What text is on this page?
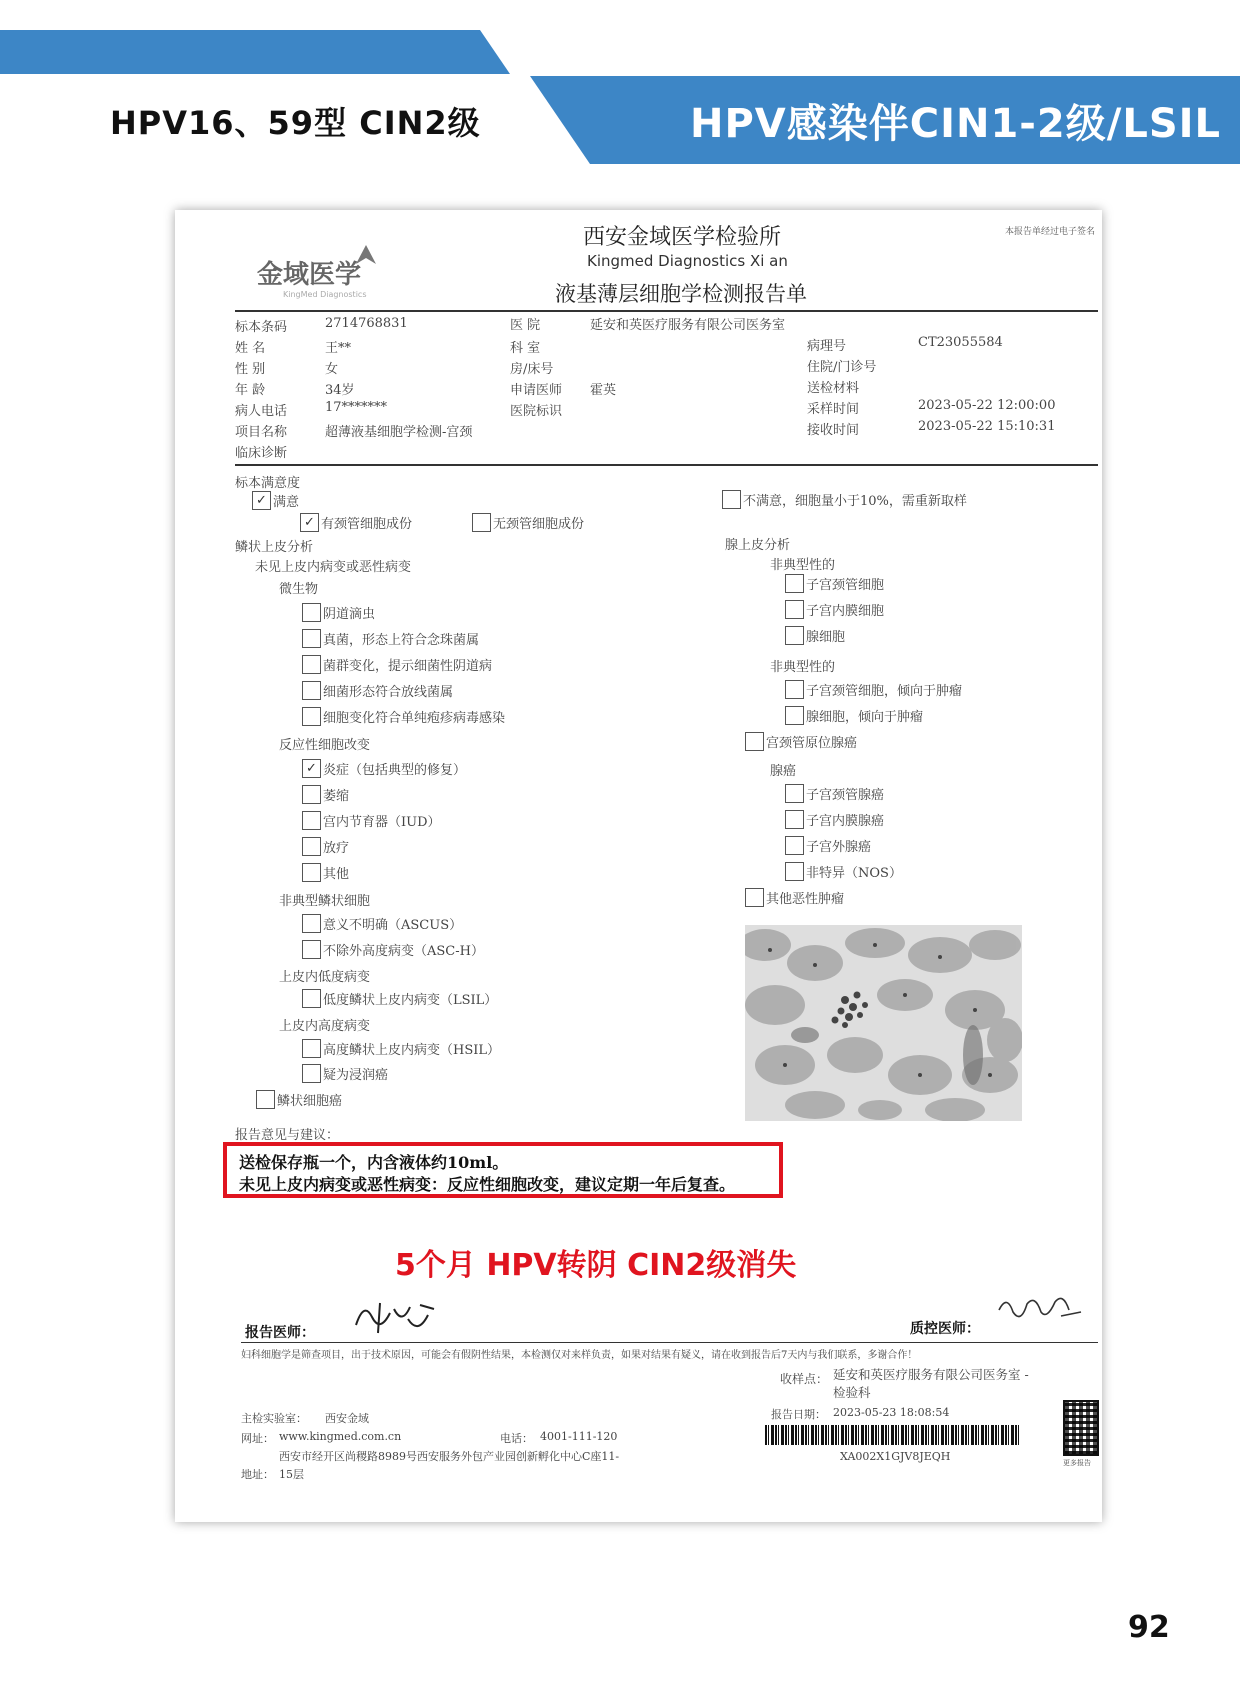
HPV16、59型 CIN2级	HPV感染伴CIN1-2级/LSIL
金域医学
KingMed Diagnostics
西安金域医学检验所
Kingmed Diagnostics Xi an
液基薄层细胞学检测报告单
本报告单经过电子签名
标本条码	2714768831
姓 名	王**
性 别	女
年 龄	34岁
病人电话	17*******
项目名称	超薄液基细胞学检测-宫颈
临床诊断
医 院	延安和英医疗服务有限公司医务室
科 室
房/床号
申请医师 霍英
医院标识
病理号	CT23055584
住院/门诊号
送检材料
采样时间	2023-05-22 12:00:00
接收时间	2023-05-22 15:10:31
标本满意度
✓ 满意
✓ 有颈管细胞成份	无颈管细胞成份
不满意，细胞量小于10%，需重新取样
鳞状上皮分析
未见上皮内病变或恶性病变
微生物
阴道滴虫
真菌，形态上符合念珠菌属
菌群变化，提示细菌性阴道病
细菌形态符合放线菌属
细胞变化符合单纯疱疹病毒感染
反应性细胞改变
✓ 炎症（包括典型的修复）
萎缩
宫内节育器（IUD）
放疗
其他
非典型鳞状细胞
意义不明确（ASCUS）
不除外高度病变（ASC-H）
上皮内低度病变
低度鳞状上皮内病变（LSIL）
上皮内高度病变
高度鳞状上皮内病变（HSIL）
疑为浸润癌
鳞状细胞癌
腺上皮分析
非典型性的
子宫颈管细胞
子宫内膜细胞
腺细胞
非典型性的
子宫颈管细胞，倾向于肿瘤
腺细胞，倾向于肿瘤
宫颈管原位腺癌
腺癌
子宫颈管腺癌
子宫内膜腺癌
子宫外腺癌
非特异（NOS）
其他恶性肿瘤
报告意见与建议：
送检保存瓶一个，内含液体约10ml。
未见上皮内病变或恶性病变：反应性细胞改变，建议定期一年后复查。
5个月 HPV转阴 CIN2级消失
报告医师：	质控医师：
妇科细胞学是筛查项目，出于技术原因，可能会有假阴性结果，本检测仅对来样负责，如果对结果有疑义，请在收到报告后7天内与我们联系，多谢合作！
收样点： 延安和英医疗服务有限公司医务室 -检验科
报告日期： 2023-05-23 18:08:54
XA002X1GJV8JEQH	更多报告
主检实验室： 西安金域
网址： www.kingmed.com.cn	电话： 4001-111-120
西安市经开区尚稷路8989号西安服务外包产业园创新孵化中心C座11-
地址： 15层
92
